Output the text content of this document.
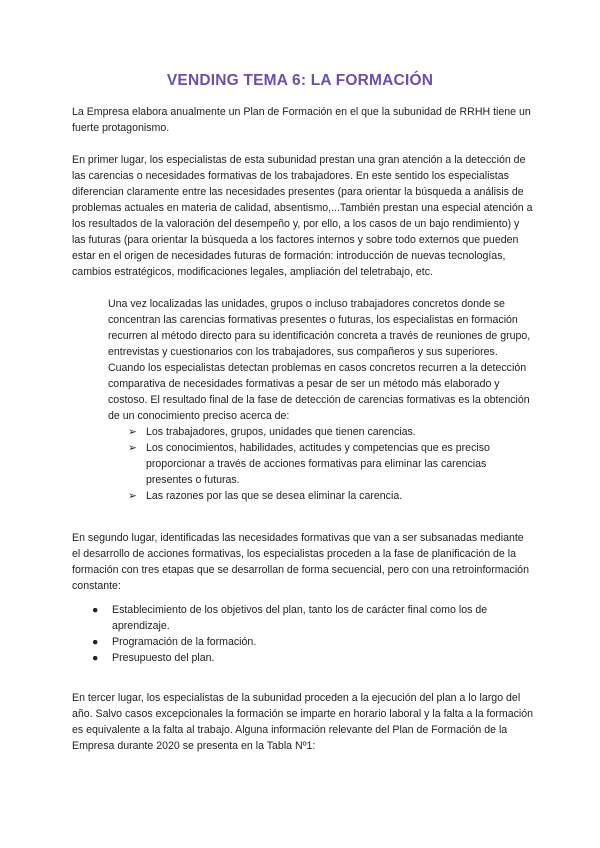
VENDING TEMA 6: LA FORMACIÓN

La Empresa elabora anualmente un Plan de Formación en el que la subunidad de RRHH tiene un fuerte protagonismo.

En primer lugar, los especialistas de esta subunidad prestan una gran atención a la detección de las carencias o necesidades formativas de los trabajadores. En este sentido los especialistas diferencian claramente entre las necesidades presentes (para orientar la búsqueda a análisis de problemas actuales en materia de calidad, absentismo,...También prestan una especial atención a los resultados de la valoración del desempeño y, por ello, a los casos de un bajo rendimiento) y las futuras (para orientar la búsqueda a los factores internos y sobre todo externos que pueden estar en el origen de necesidades futuras de formación: introducción de nuevas tecnologías, cambios estratégicos, modificaciones legales, ampliación del teletrabajo, etc.

Una vez localizadas las unidades, grupos o incluso trabajadores concretos donde se concentran las carencias formativas presentes o futuras, los especialistas en formación recurren al método directo para su identificación concreta a través de reuniones de grupo, entrevistas y cuestionarios con los trabajadores, sus compañeros y sus superiores. Cuando los especialistas detectan problemas en casos concretos recurren a la detección comparativa de necesidades formativas a pesar de ser un método más elaborado y costoso. El resultado final de la fase de detección de carencias formativas es la obtención de un conocimiento preciso acerca de:

➢ Los trabajadores, grupos, unidades que tienen carencias.
➢ Los conocimientos, habilidades, actitudes y competencias que es preciso proporcionar a través de acciones formativas para eliminar las carencias presentes o futuras.
➢ Las razones por las que se desea eliminar la carencia.

En segundo lugar, identificadas las necesidades formativas que van a ser subsanadas mediante el desarrollo de acciones formativas, los especialistas proceden a la fase de planificación de la formación con tres etapas que se desarrollan de forma secuencial, pero con una retroinformación constante:

● Establecimiento de los objetivos del plan, tanto los de carácter final como los de aprendizaje.
● Programación de la formación.
● Presupuesto del plan.

En tercer lugar, los especialistas de la subunidad proceden a la ejecución del plan a lo largo del año. Salvo casos excepcionales la formación se imparte en horario laboral y la falta a la formación es equivalente a la falta al trabajo. Alguna información relevante del Plan de Formación de la Empresa durante 2020 se presenta en la Tabla Nº1:
